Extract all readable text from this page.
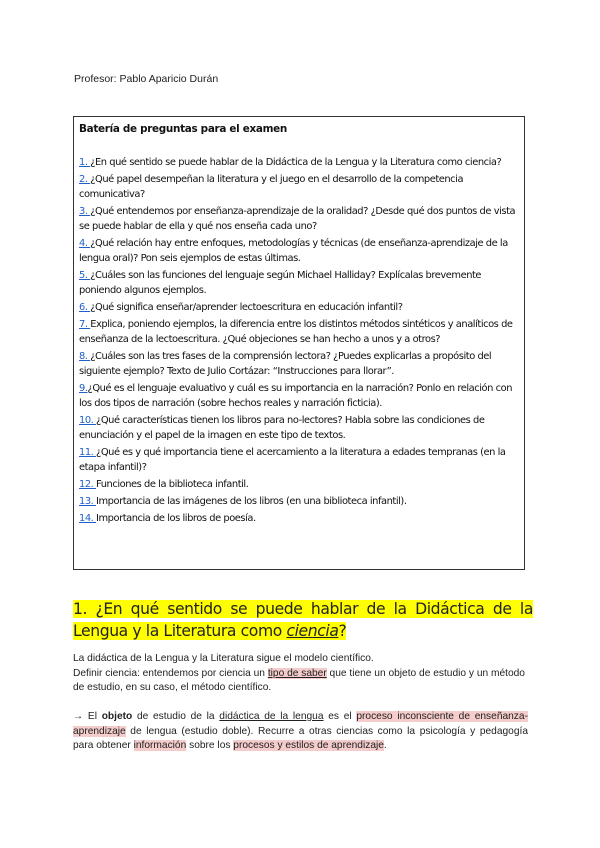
Profesor: Pablo Aparicio Durán

Batería de preguntas para el examen

1. ¿En qué sentido se puede hablar de la Didáctica de la Lengua y la Literatura como ciencia?

2. ¿Qué papel desempeñan la literatura y el juego en el desarrollo de la competencia comunicativa?

3. ¿Qué entendemos por enseñanza-aprendizaje de la oralidad? ¿Desde qué dos puntos de vista se puede hablar de ella y qué nos enseña cada uno?

4. ¿Qué relación hay entre enfoques, metodologías y técnicas (de enseñanza-aprendizaje de la lengua oral)? Pon seis ejemplos de estas últimas.

5. ¿Cuáles son las funciones del lenguaje según Michael Halliday? Explícalas brevemente poniendo algunos ejemplos.

6. ¿Qué significa enseñar/aprender lectoescritura en educación infantil?

7. Explica, poniendo ejemplos, la diferencia entre los distintos métodos sintéticos y analíticos de enseñanza de la lectoescritura. ¿Qué objeciones se han hecho a unos y a otros?

8. ¿Cuáles son las tres fases de la comprensión lectora? ¿Puedes explicarlas a propósito del siguiente ejemplo? Texto de Julio Cortázar: “Instrucciones para llorar”.

9.¿Qué es el lenguaje evaluativo y cuál es su importancia en la narración? Ponlo en relación con los dos tipos de narración (sobre hechos reales y narración ficticia).

10. ¿Qué características tienen los libros para no-lectores? Habla sobre las condiciones de enunciación y el papel de la imagen en este tipo de textos.

11. ¿Qué es y qué importancia tiene el acercamiento a la literatura a edades tempranas (en la etapa infantil)?

12. Funciones de la biblioteca infantil.

13. Importancia de las imágenes de los libros (en una biblioteca infantil).

14. Importancia de los libros de poesía.

1. ¿En qué sentido se puede hablar de la Didáctica de la Lengua y la Literatura como ciencia?

La didáctica de la Lengua y la Literatura sigue el modelo científico.
Definir ciencia: entendemos por ciencia un tipo de saber que tiene un objeto de estudio y un método de estudio, en su caso, el método científico.

→ El objeto de estudio de la didáctica de la lengua es el proceso inconsciente de enseñanza- aprendizaje de lengua (estudio doble). Recurre a otras ciencias como la psicología y pedagogía para obtener información sobre los procesos y estilos de aprendizaje.
